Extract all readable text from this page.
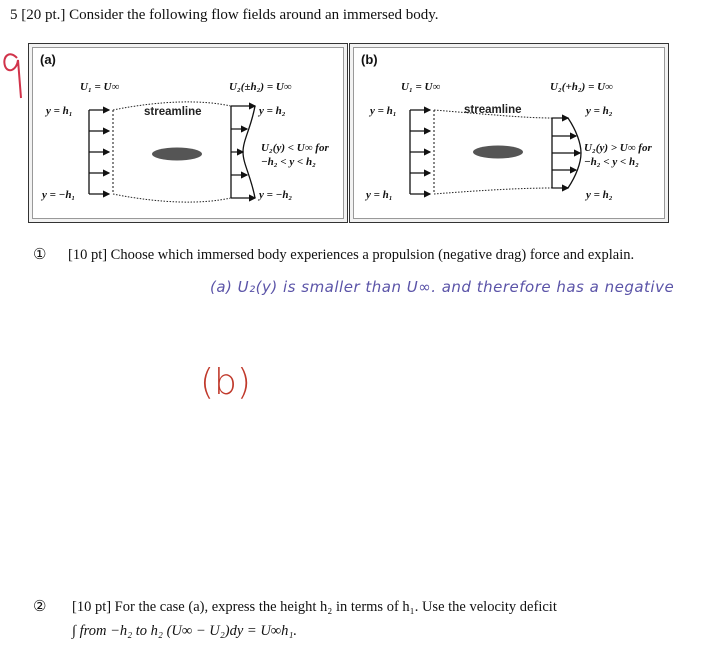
5 [20 pt.] Consider the following flow fields around an immersed body.
(a)
U₁ = U∞
y = h₁
y = −h₁
streamline
U₂(±h₂) = U∞
y = h₂
U₂(y) < U∞ for
−h₂ < y < h₂
y = −h₂
(b)
U₁ = U∞
y = h₁
y = h₁
streamline
U₂(+h₂) = U∞
y = h₂
U₂(y) > U∞ for
−h₂ < y < h₂
y = h₂
① [10 pt] Choose which immersed body experiences a propulsion (negative drag) force and explain.
(a) U₂(y) is smaller than U∞. and therefore has a negative
(b)
② [10 pt] For the case (a), express the height h₂ in terms of h₁. Use the velocity deficit
∫ from −h₂ to h₂ (U∞ − U₂)dy = U∞h₁.
